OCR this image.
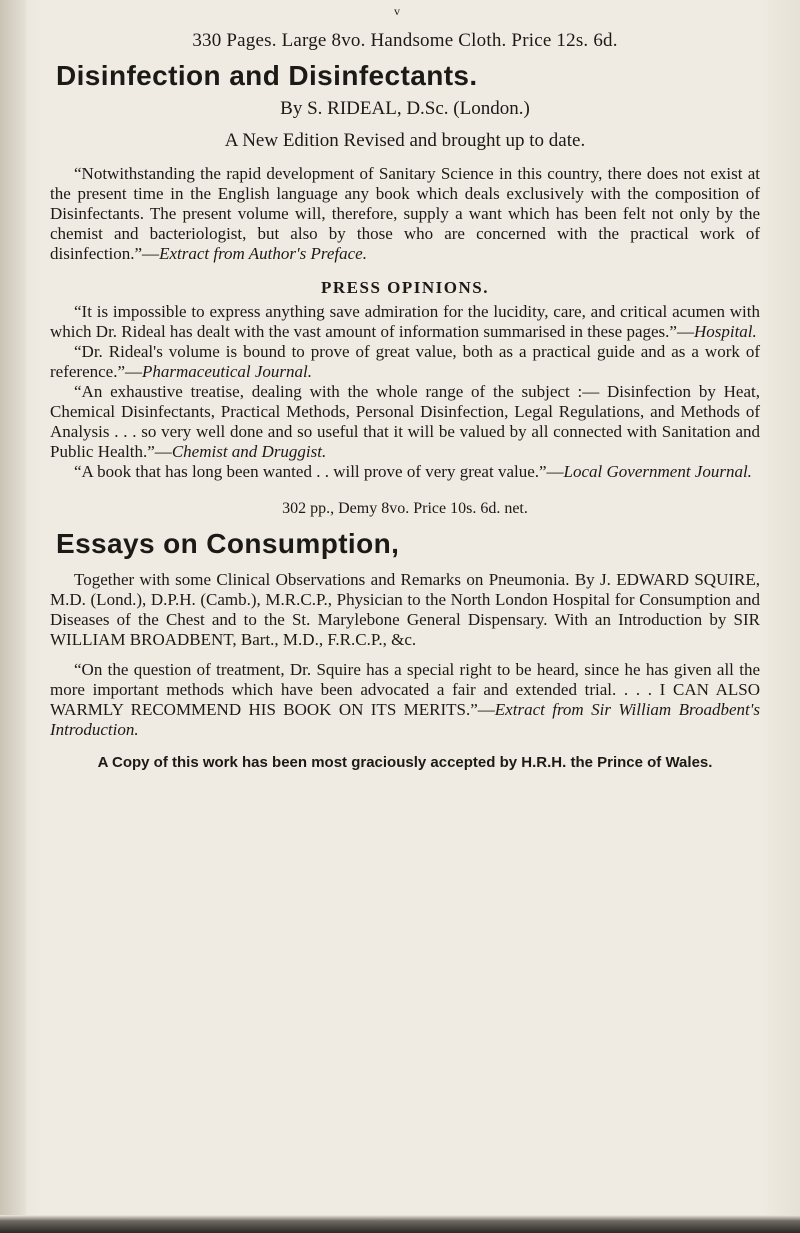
v

330 Pages. Large 8vo. Handsome Cloth. Price 12s. 6d.

Disinfection and Disinfectants.

By S. RIDEAL, D.Sc. (London.)

A New Edition Revised and brought up to date.

“Notwithstanding the rapid development of Sanitary Science in this country, there does not exist at the present time in the English language any book which deals exclusively with the composition of Disinfectants. The present volume will, therefore, supply a want which has been felt not only by the chemist and bacteriologist, but also by those who are concerned with the practical work of disinfection.”—Extract from Author's Preface.

PRESS OPINIONS.

“It is impossible to express anything save admiration for the lucidity, care, and critical acumen with which Dr. Rideal has dealt with the vast amount of information summarised in these pages.”—Hospital.

“Dr. Rideal's volume is bound to prove of great value, both as a practical guide and as a work of reference.”—Pharmaceutical Journal.

“An exhaustive treatise, dealing with the whole range of the subject :— Disinfection by Heat, Chemical Disinfectants, Practical Methods, Personal Disinfection, Legal Regulations, and Methods of Analysis . . . so very well done and so useful that it will be valued by all connected with Sanitation and Public Health.”—Chemist and Druggist.

“A book that has long been wanted . . will prove of very great value.”—Local Government Journal.

302 pp., Demy 8vo. Price 10s. 6d. net.

Essays on Consumption,

Together with some Clinical Observations and Remarks on Pneumonia. By J. EDWARD SQUIRE, M.D. (Lond.), D.P.H. (Camb.), M.R.C.P., Physician to the North London Hospital for Consumption and Diseases of the Chest and to the St. Marylebone General Dispensary. With an Introduction by SIR WILLIAM BROADBENT, Bart., M.D., F.R.C.P., &c.

“On the question of treatment, Dr. Squire has a special right to be heard, since he has given all the more important methods which have been advocated a fair and extended trial. . . . I CAN ALSO WARMLY RECOMMEND HIS BOOK ON ITS MERITS.”—Extract from Sir William Broadbent's Introduction.

A Copy of this work has been most graciously accepted by H.R.H. the Prince of Wales.
